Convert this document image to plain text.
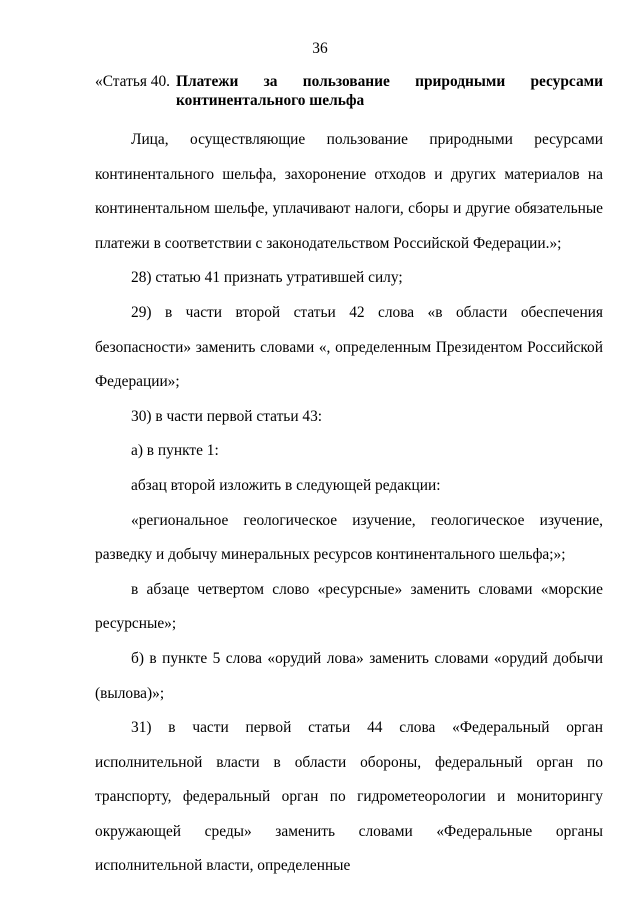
36
«Статья 40. Платежи за пользование природными ресурсами
континентального шельфа

Лица, осуществляющие пользование природными ресурсами континентального шельфа, захоронение отходов и других материалов на континентальном шельфе, уплачивают налоги, сборы и другие обязательные платежи в соответствии с законодательством Российской Федерации.»;

28) статью 41 признать утратившей силу;

29) в части второй статьи 42 слова «в области обеспечения безопасности» заменить словами «, определенным Президентом Российской Федерации»;

30) в части первой статьи 43:

а) в пункте 1:

абзац второй изложить в следующей редакции:

«региональное геологическое изучение, геологическое изучение, разведку и добычу минеральных ресурсов континентального шельфа;»;

в абзаце четвертом слово «ресурсные» заменить словами «морские ресурсные»;

б) в пункте 5 слова «орудий лова» заменить словами «орудий добычи (вылова)»;

31) в части первой статьи 44 слова «Федеральный орган исполнительной власти в области обороны, федеральный орган по транспорту, федеральный орган по гидрометеорологии и мониторингу окружающей среды» заменить словами «Федеральные органы исполнительной власти, определенные
